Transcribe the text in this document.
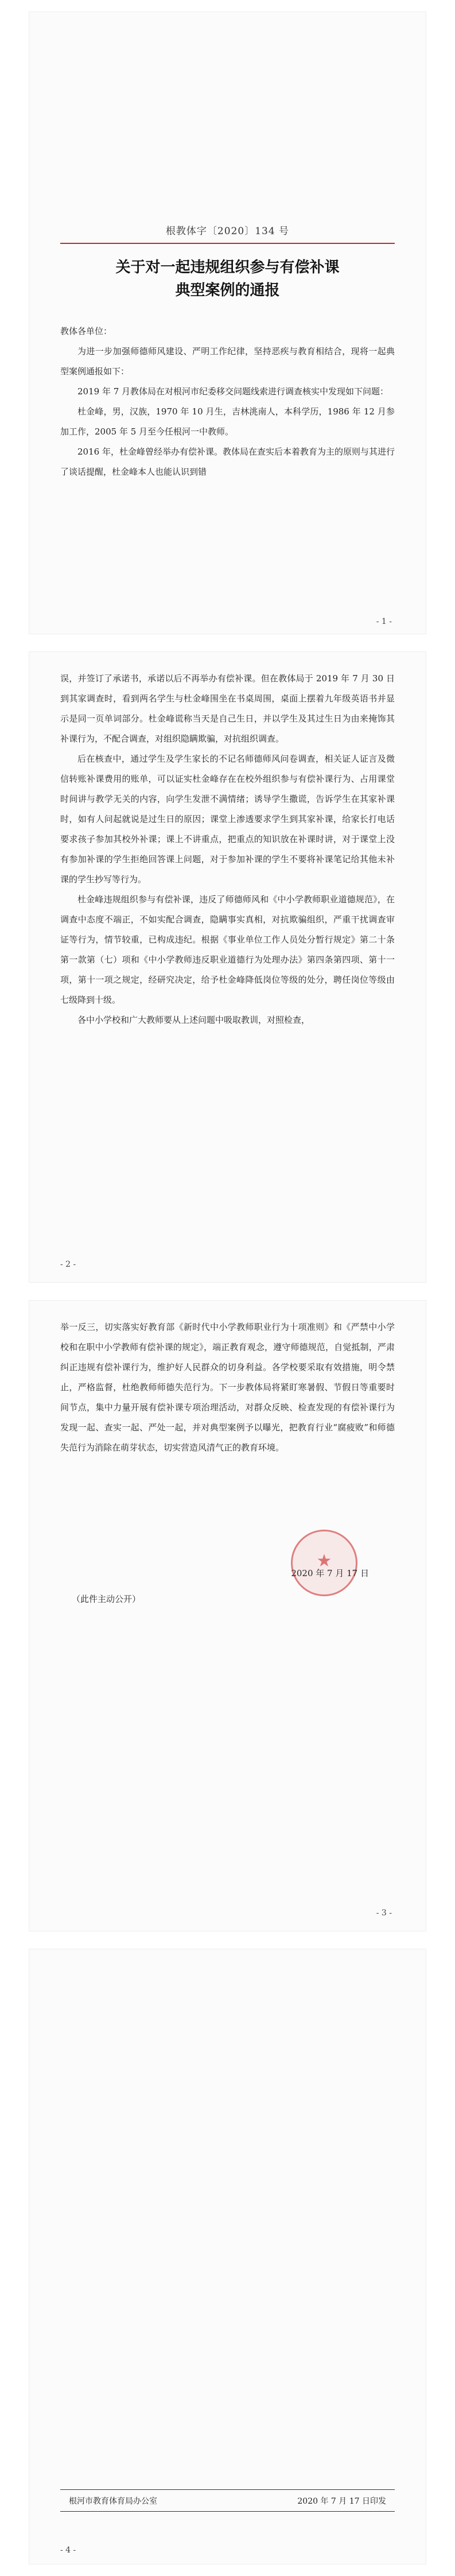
根教体字〔2020〕134 号
关于对一起违规组织参与有偿补课
典型案例的通报

教体各单位：

为进一步加强师德师风建设、严明工作纪律，坚持恶疾与教育相结合，现将一起典型案例通报如下：

2019 年 7 月教体局在对根河市纪委移交问题线索进行调查核实中发现如下问题：

杜金峰，男，汉族，1970 年 10 月生，吉林洮南人，本科学历，1986 年 12 月参加工作，2005 年 5 月至今任根河一中教师。

2016 年，杜金峰曾经举办有偿补课。教体局在查实后本着教育为主的原则与其进行了谈话提醒，杜金峰本人也能认识到错

- 1 -

误，并签订了承诺书，承诺以后不再举办有偿补课。但在教体局于 2019 年 7 月 30 日到其家调查时，看到两名学生与杜金峰围坐在书桌周围，桌面上摆着九年级英语书并显示是同一页单词部分。杜金峰谎称当天是自己生日，并以学生及其过生日为由来掩饰其补课行为，不配合调查，对组织隐瞒欺骗，对抗组织调查。

后在核查中，通过学生及学生家长的不记名师德师风问卷调查，相关证人证言及微信转账补课费用的账单，可以证实杜金峰存在在校外组织参与有偿补课行为、占用课堂时间讲与教学无关的内容，向学生发泄不满情绪；诱导学生撒谎，告诉学生在其家补课时，如有人问起就说是过生日的原因；课堂上渗透要求学生到其家补课，给家长打电话要求孩子参加其校外补课；课上不讲重点，把重点的知识放在补课时讲，对于课堂上没有参加补课的学生拒绝回答课上问题，对于参加补课的学生不要将补课笔记给其他未补课的学生抄写等行为。

杜金峰违规组织参与有偿补课，违反了师德师风和《中小学教师职业道德规范》，在调查中态度不端正，不如实配合调查，隐瞒事实真相，对抗欺骗组织，严重干扰调查审证等行为，情节较重，已构成违纪。根据《事业单位工作人员处分暂行规定》第二十条第一款第（七）项和《中小学教师违反职业道德行为处理办法》第四条第四项、第十一项，第十一项之规定，经研究决定，给予杜金峰降低岗位等级的处分，聘任岗位等级由七级降到十级。

各中小学校和广大教师要从上述问题中吸取教训，对照检查，

- 2 -

举一反三，切实落实好教育部《新时代中小学教师职业行为十项准则》和《严禁中小学校和在职中小学教师有偿补课的规定》，端正教育观念，遵守师德规范，自觉抵制，严肃纠正违规有偿补课行为，维护好人民群众的切身利益。各学校要采取有效措施，明令禁止，严格监督，杜绝教师师德失范行为。下一步教体局将紧盯寒暑假、节假日等重要时间节点，集中力量开展有偿补课专项治理活动，对群众反映、检查发现的有偿补课行为发现一起、查实一起、严处一起，并对典型案例予以曝光，把教育行业“腐疲败”和师德失范行为消除在萌芽状态，切实营造风清气正的教育环境。

★
2020 年 7 月 17 日
（此件主动公开）
- 3 -
根河市教育体育局办公室	2020 年 7 月 17 日印发
- 4 -
